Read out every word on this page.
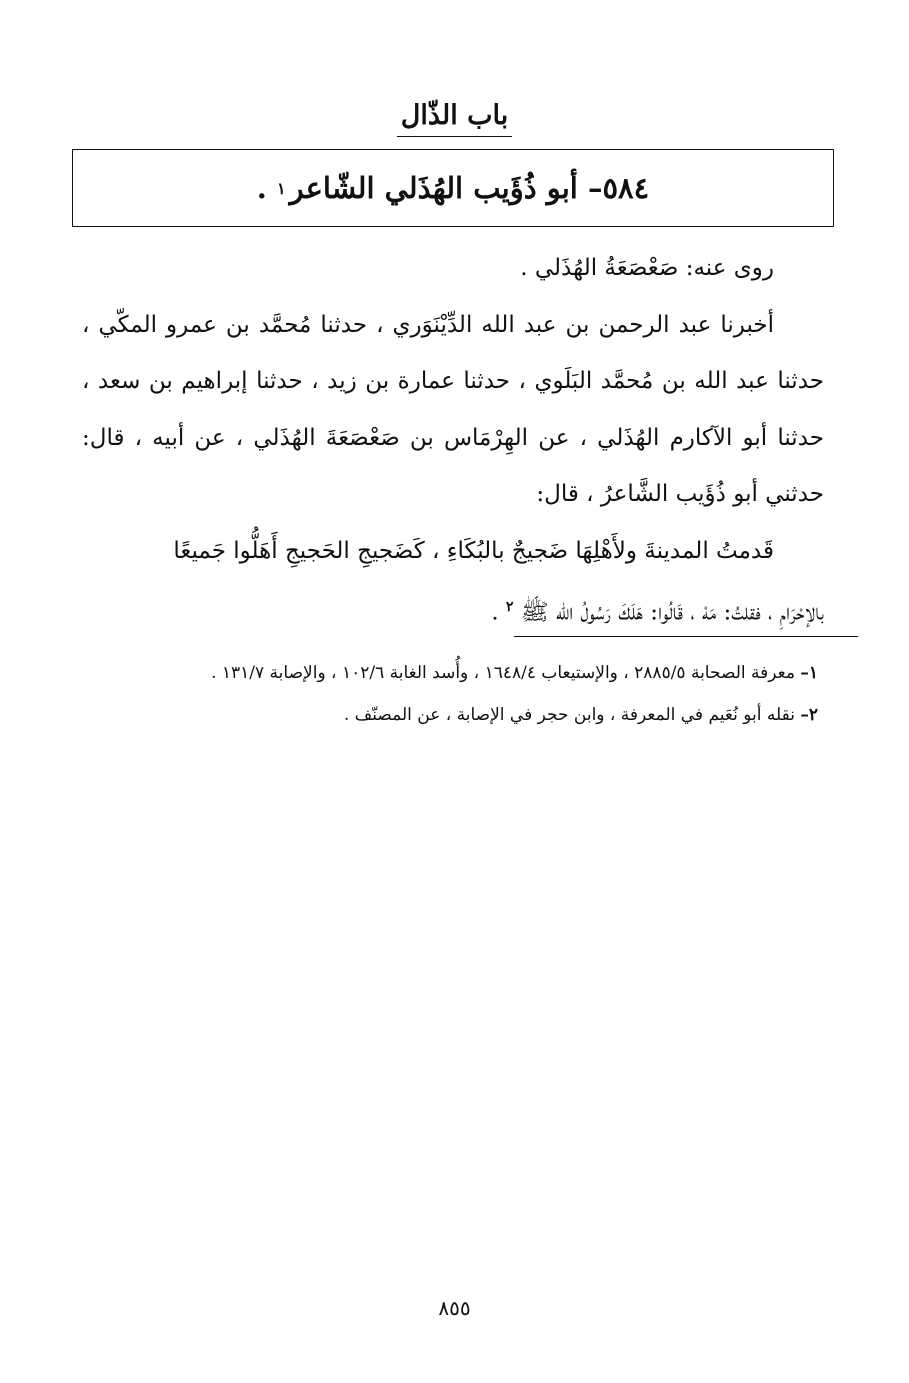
باب الذّال
٥٨٤
–

أبو ذُؤَيب الهُذَلي الشّاعر
١

.

روى عنه: صَعْصَعَةُ الهُذَلي .

أخبرنا عبد الرحمن بن عبد الله الدِّيْنَوَري ، حدثنا مُحمَّد بن عمرو المكّي ، حدثنا عبد الله بن مُحمَّد البَلَوي ، حدثنا عمارة بن زيد ، حدثنا إبراهيم بن سعد ، حدثنا أبو الآكارم الهُذَلي ، عن الهِرْمَاس بن صَعْصَعَةَ الهُذَلي ، عن أبيه ، قال: حدثني أبو ذُؤَيب الشَّاعرُ ، قال:

قَدمتُ المدينةَ ولأَهْلِهَا ضَجيجٌ بالبُكَاءِ ، كَضَجيجِ الحَجيجِ أَهَلُّوا جَميعًا

بالإحْرَامِ ، فقلتُ: مَهْ ، قَالُوا: هَلَكَ رَسُولُ الله ﷺ $^٢$ .

١– معرفة الصحابة ٢٨٨٥/٥ ، والإستيعاب ١٦٤٨/٤ ، وأُسد الغابة ١٠٢/٦ ، والإصابة ١٣١/٧ .

٢– نقله أبو نُعَيم في المعرفة ، وابن حجر في الإصابة ، عن المصنّف .

٨٥٥
